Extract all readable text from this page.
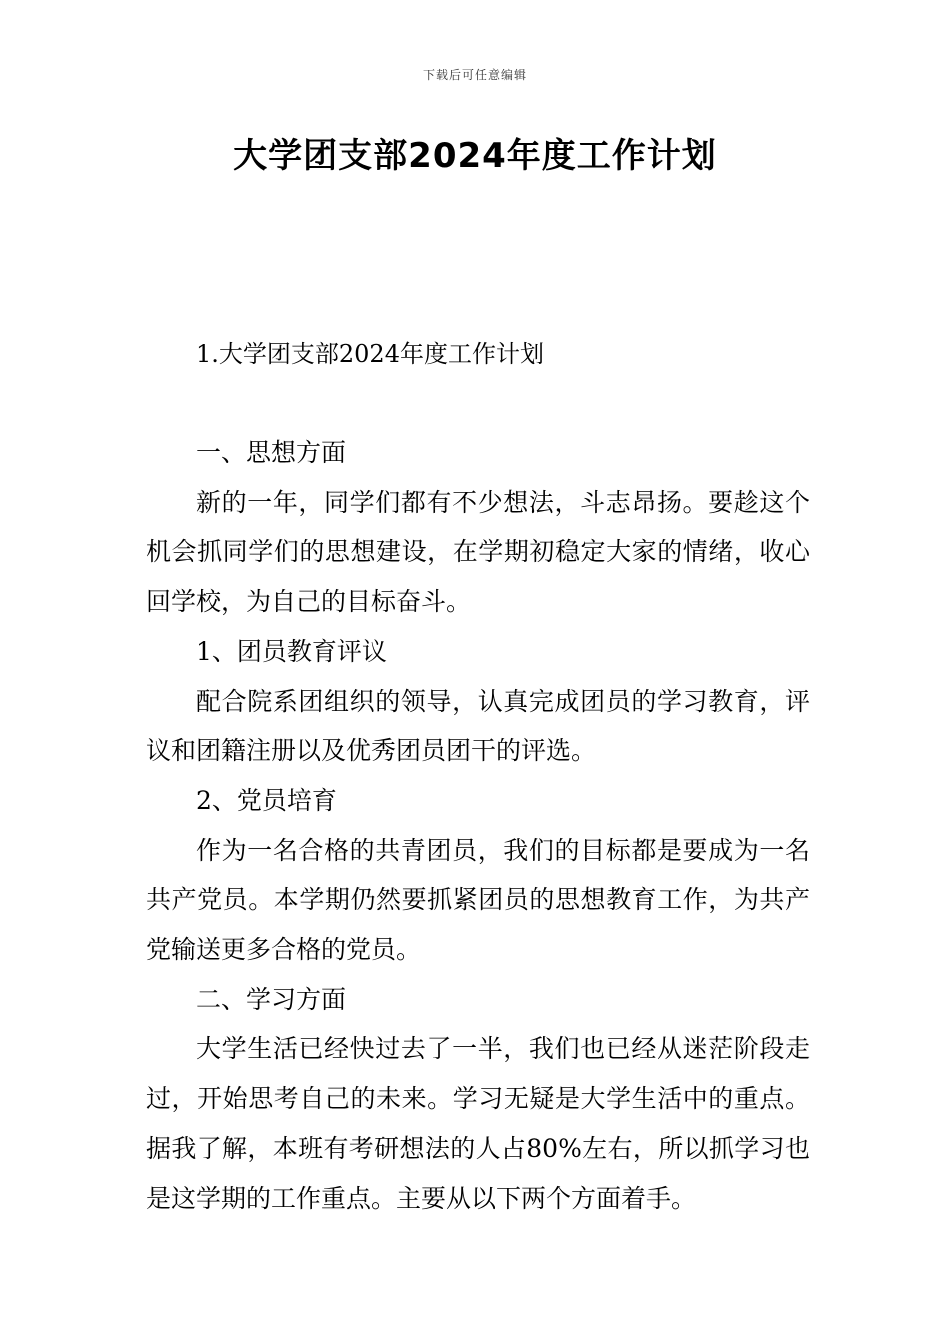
下载后可任意编辑
大学团支部2024年度工作计划
1.大学团支部2024年度工作计划

一、思想方面

新的一年，同学们都有不少想法，斗志昂扬。要趁这个机会抓同学们的思想建设，在学期初稳定大家的情绪，收心回学校，为自己的目标奋斗。

1、团员教育评议

配合院系团组织的领导，认真完成团员的学习教育，评议和团籍注册以及优秀团员团干的评选。

2、党员培育

作为一名合格的共青团员，我们的目标都是要成为一名共产党员。本学期仍然要抓紧团员的思想教育工作，为共产党输送更多合格的党员。

二、学习方面

大学生活已经快过去了一半，我们也已经从迷茫阶段走过，开始思考自己的未来。学习无疑是大学生活中的重点。据我了解，本班有考研想法的人占80%左右，所以抓学习也是这学期的工作重点。主要从以下两个方面着手。
